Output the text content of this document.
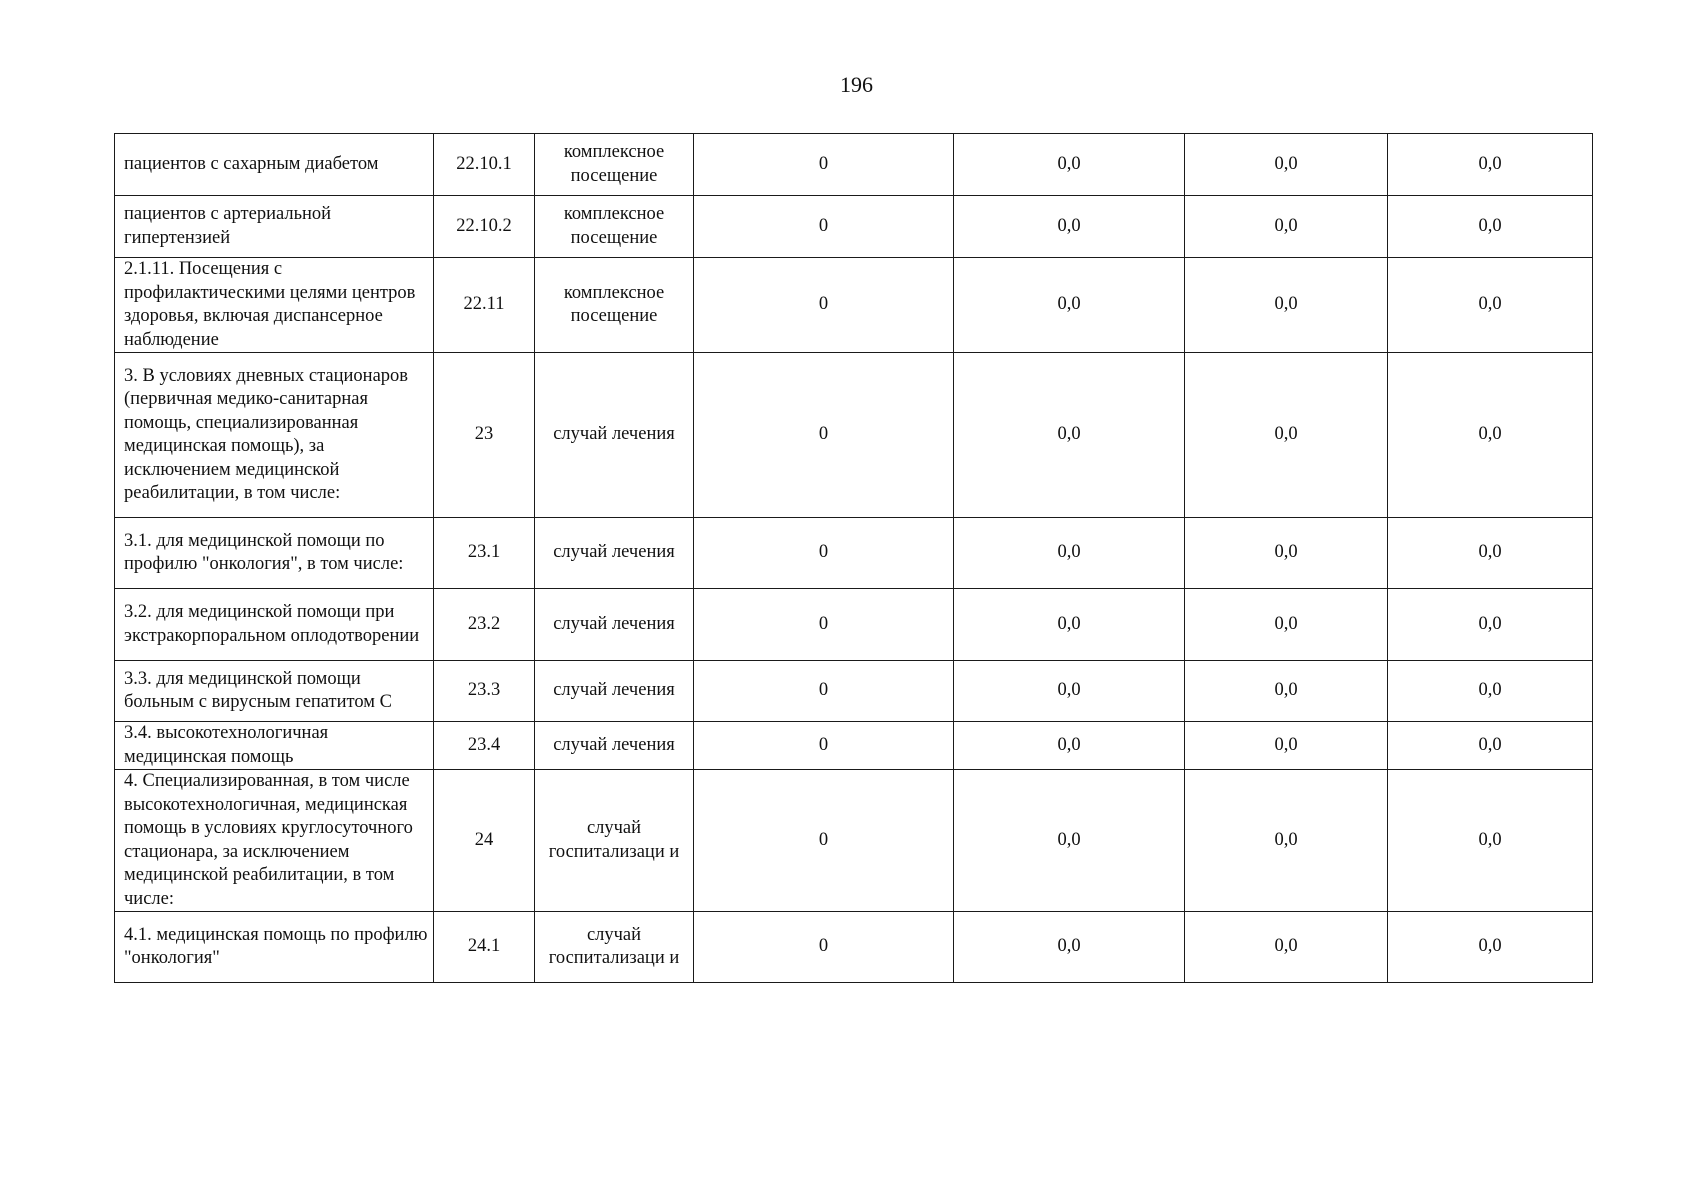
196
пациентов с сахарным диабетом	22.10.1	комплексное посещение	0	0,0	0,0	0,0
пациентов с артериальной гипертензией	22.10.2	комплексное посещение	0	0,0	0,0	0,0
2.1.11. Посещения с профилактическими целями центров здоровья, включая диспансерное наблюдение	22.11	комплексное посещение	0	0,0	0,0	0,0
3. В условиях дневных стационаров (первичная медико-санитарная помощь, специализированная медицинская помощь), за исключением медицинской реабилитации, в том числе:	23	случай лечения	0	0,0	0,0	0,0
3.1. для медицинской помощи по профилю "онкология", в том числе:	23.1	случай лечения	0	0,0	0,0	0,0
3.2. для медицинской помощи при экстракорпоральном оплодотворении	23.2	случай лечения	0	0,0	0,0	0,0
3.3. для медицинской помощи больным с вирусным гепатитом С	23.3	случай лечения	0	0,0	0,0	0,0
3.4. высокотехнологичная медицинская помощь	23.4	случай лечения	0	0,0	0,0	0,0
4. Специализированная, в том числе высокотехнологичная, медицинская помощь в условиях круглосуточного стационара, за исключением медицинской реабилитации, в том числе:	24	случай госпитализаци и	0	0,0	0,0	0,0
4.1. медицинская помощь по профилю "онкология"	24.1	случай госпитализаци и	0	0,0	0,0	0,0
